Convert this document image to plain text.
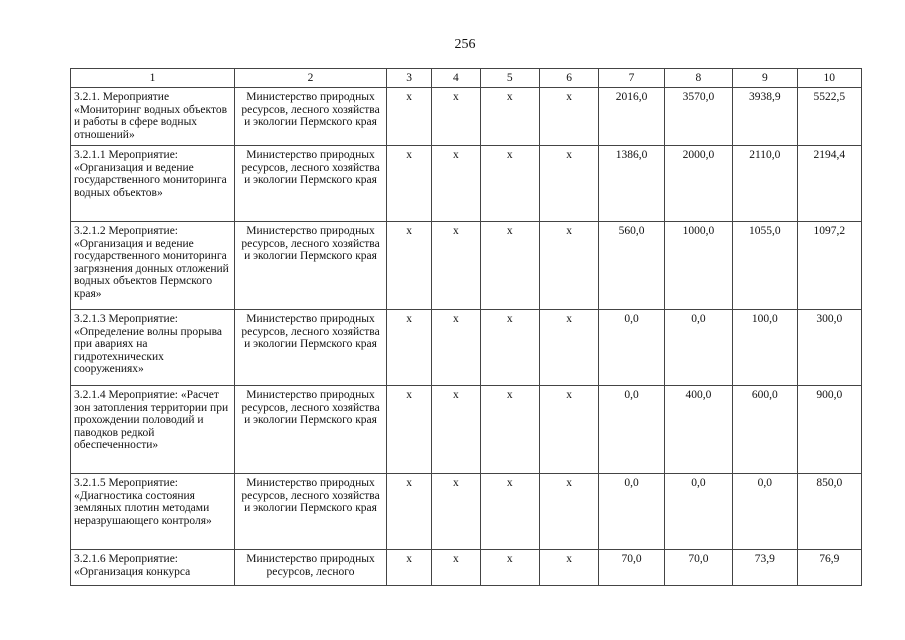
256
1	2	3	4	5	6	7	8	9	10
3.2.1. Мероприятие «Мониторинг водных объектов и работы в сфере водных отношений»	Министерство природных ресурсов, лесного хозяйства и экологии Пермского края	x	x	x	x	2016,0	3570,0	3938,9	5522,5
3.2.1.1 Мероприятие: «Организация и ведение государственного мониторинга водных объектов»	Министерство природных ресурсов, лесного хозяйства и экологии Пермского края	x	x	x	x	1386,0	2000,0	2110,0	2194,4
3.2.1.2 Мероприятие: «Организация и ведение государственного мониторинга загрязнения донных отложений водных объектов Пермского края»	Министерство природных ресурсов, лесного хозяйства и экологии Пермского края	x	x	x	x	560,0	1000,0	1055,0	1097,2
3.2.1.3 Мероприятие: «Определение волны прорыва при авариях на гидротехнических сооружениях»	Министерство природных ресурсов, лесного хозяйства и экологии Пермского края	x	x	x	x	0,0	0,0	100,0	300,0
3.2.1.4 Мероприятие: «Расчет зон затопления территории при прохождении половодий и паводков редкой обеспеченности»	Министерство природных ресурсов, лесного хозяйства и экологии Пермского края	x	x	x	x	0,0	400,0	600,0	900,0
3.2.1.5 Мероприятие: «Диагностика состояния земляных плотин методами неразрушающего контроля»	Министерство природных ресурсов, лесного хозяйства и экологии Пермского края	x	x	x	x	0,0	0,0	0,0	850,0
3.2.1.6 Мероприятие: «Организация конкурса	Министерство природных ресурсов, лесного	x	x	x	x	70,0	70,0	73,9	76,9
